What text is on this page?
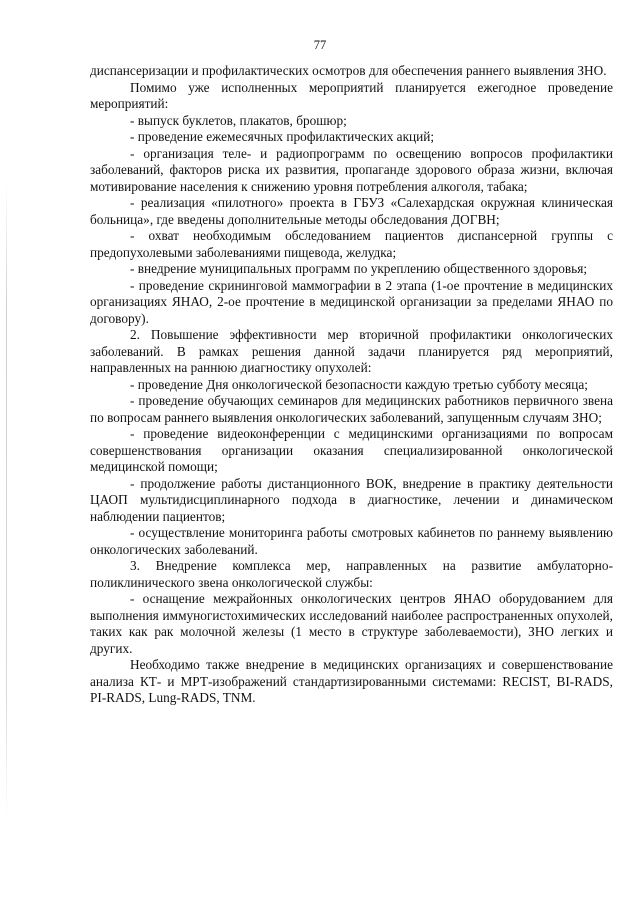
77

диспансеризации и профилактических осмотров для обеспечения раннего выявления ЗНО.

Помимо уже исполненных мероприятий планируется ежегодное проведение мероприятий:

- выпуск буклетов, плакатов, брошюр;

- проведение ежемесячных профилактических акций;

- организация теле- и радиопрограмм по освещению вопросов профилактики заболеваний, факторов риска их развития, пропаганде здорового образа жизни, включая мотивирование населения к снижению уровня потребления алкоголя, табака;

- реализация «пилотного» проекта в ГБУЗ «Салехардская окружная клиническая больница», где введены дополнительные методы обследования ДОГВН;

- охват необходимым обследованием пациентов диспансерной группы с предопухолевыми заболеваниями пищевода, желудка;

- внедрение муниципальных программ по укреплению общественного здоровья;

- проведение скрининговой маммографии в 2 этапа (1-ое прочтение в медицинских организациях ЯНАО, 2-ое прочтение в медицинской организации за пределами ЯНАО по договору).

2. Повышение эффективности мер вторичной профилактики онкологических заболеваний. В рамках решения данной задачи планируется ряд мероприятий, направленных на раннюю диагностику опухолей:

- проведение Дня онкологической безопасности каждую третью субботу месяца;

- проведение обучающих семинаров для медицинских работников первичного звена по вопросам раннего выявления онкологических заболеваний, запущенным случаям ЗНО;

- проведение видеоконференции с медицинскими организациями по вопросам совершенствования организации оказания специализированной онкологической медицинской помощи;

- продолжение работы дистанционного ВОК, внедрение в практику деятельности ЦАОП мультидисциплинарного подхода в диагностике, лечении и динамическом наблюдении пациентов;

- осуществление мониторинга работы смотровых кабинетов по раннему выявлению онкологических заболеваний.

3. Внедрение комплекса мер, направленных на развитие амбулаторно-поликлинического звена онкологической службы:

- оснащение межрайонных онкологических центров ЯНАО оборудованием для выполнения иммуногистохимических исследований наиболее распространенных опухолей, таких как рак молочной железы (1 место в структуре заболеваемости), ЗНО легких и других.

Необходимо также внедрение в медицинских организациях и совершенствование анализа КТ- и МРТ-изображений стандартизированными системами: RECIST, BI-RADS, PI-RADS, Lung-RADS, TNM.
